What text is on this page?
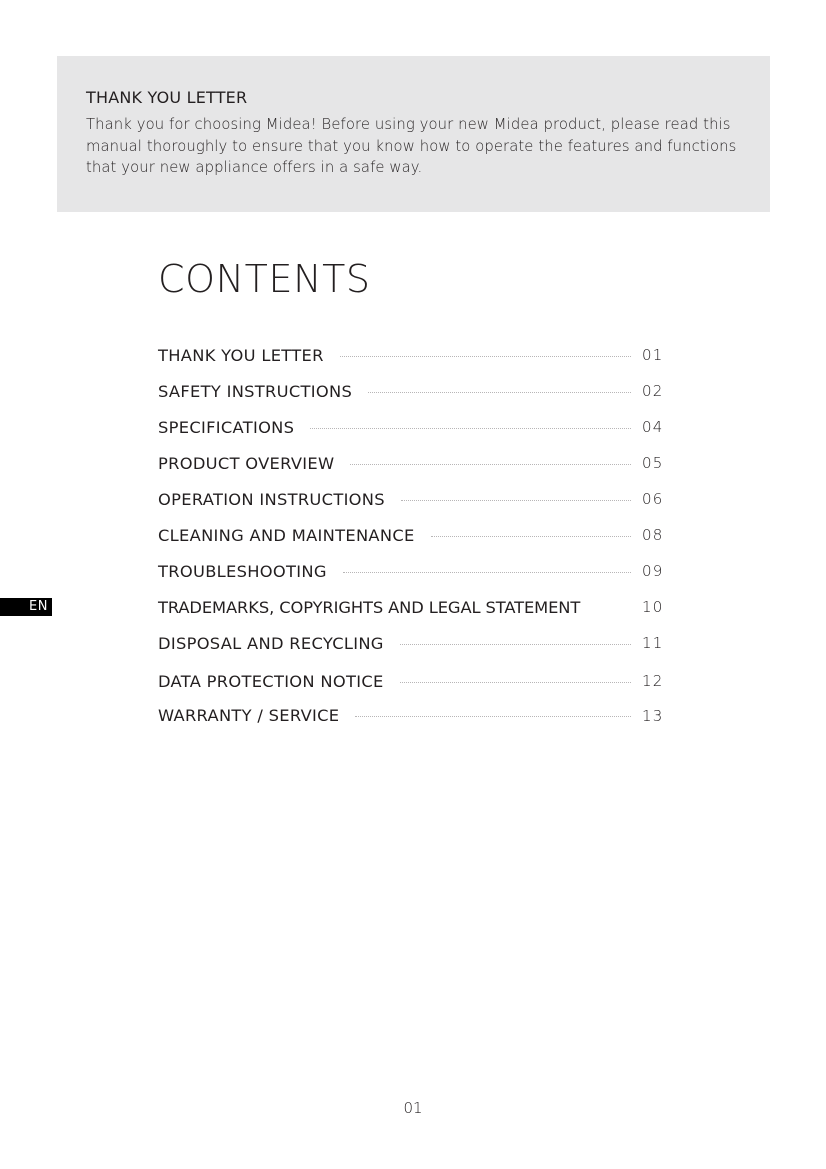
THANK YOU LETTER

Thank you for choosing Midea! Before using your new Midea product, please read this manual thoroughly to ensure that you know how to operate the features and functions that your new appliance offers in a safe way.

CONTENTS
THANK YOU LETTER	01
SAFETY INSTRUCTIONS	02
SPECIFICATIONS	04
PRODUCT OVERVIEW	05
OPERATION INSTRUCTIONS	06
CLEANING AND MAINTENANCE	08
TROUBLESHOOTING	09
TRADEMARKS, COPYRIGHTS AND LEGAL STATEMENT	10
DISPOSAL AND RECYCLING	11
DATA PROTECTION NOTICE	12
WARRANTY / SERVICE	13
EN
01
